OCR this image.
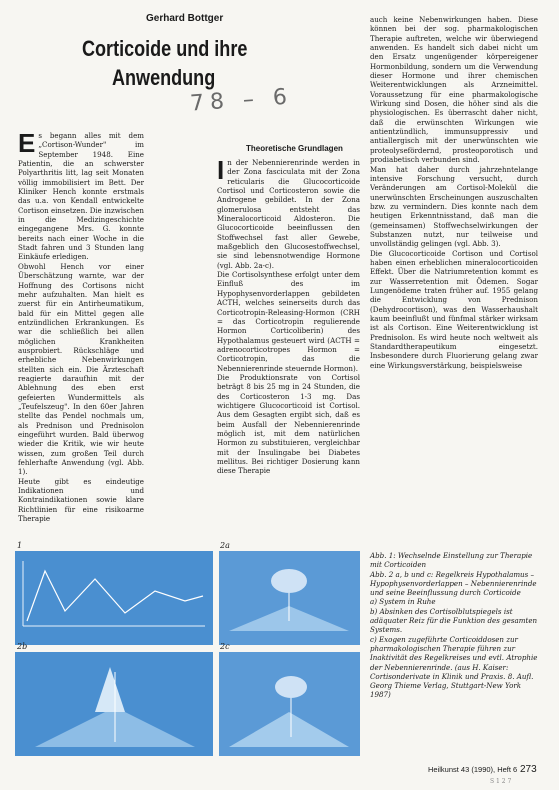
Gerhard Bottger
Corticoide und ihre
Anwendung
78 – 6
E s begann alles mit dem „Cortison-Wunder" im September 1948. Eine Patientin, die an schwerster Polyarthritis litt, lag seit Monaten völlig immobilisiert im Bett. Der Kliniker Hench konnte erstmals das u.a. von Kendall entwickelte Cortison einsetzen. Die inzwischen in die Medizingeschichte eingegangene Mrs. G. konnte bereits nach einer Woche in die Stadt fahren und 3 Stunden lang Einkäufe erledigen.

Obwohl Hench vor einer Überschätzung warnte, war der Hoffnung des Cortisons nicht mehr aufzuhalten. Man hielt es zuerst für ein Antirheumatikum, bald für ein Mittel gegen alle entzündlichen Erkrankungen. Es war die schließlich bei allen möglichen Krankheiten ausprobiert. Rückschläge und erhebliche Nebenwirkungen stellten sich ein. Die Ärzteschaft reagierte daraufhin mit der Ablehnung des eben erst gefeierten Wundermittels als „Teufelszeug". In den 60er Jahren stellte das Pendel nochmals um, als Prednison und Prednisolon eingeführt wurden. Bald überwog wieder die Kritik, wie wir heute wissen, zum großen Teil durch fehlerhafte Anwendung (vgl. Abb. 1).

Heute gibt es eindeutige Indikationen und Kontraindikationen sowie klare Richtlinien für eine risikoarme Therapie

Theoretische Grundlagen
I n der Nebennierenrinde werden in der Zona fasciculata mit der Zona reticularis die Glucocorticoide Cortisol und Corticosteron sowie die Androgene gebildet. In der Zona glomerulosa entsteht das Mineralocorticoid Aldosteron. Die Glucocorticoide beeinflussen den Stoffwechsel fast aller Gewebe, maßgeblich den Glucosestoffwechsel, sie sind lebensnotwendige Hormone (vgl. Abb. 2a-c).

Die Cortisolsynthese erfolgt unter dem Einfluß des im Hypophysenvorderlappen gebildeten ACTH, welches seinerseits durch das Corticotropin-Releasing-Hormon (CRH = das Corticotropin regulierende Hormon Corticoliberin) des Hypothalamus gesteuert wird (ACTH = adrenocorticotropes Hormon = Corticotropin, das die Nebennierenrinde steuernde Hormon).

Die Produktionsrate von Cortisol beträgt 8 bis 25 mg in 24 Stunden, die des Corticosteron 1-3 mg. Das wichtigere Glucocorticoid ist Cortisol. Aus dem Gesagten ergibt sich, daß es beim Ausfall der Nebennierenrinde möglich ist, mit dem natürlichen Hormon zu substituieren, vergleichbar mit der Insulingabe bei Diabetes mellitus. Bei richtiger Dosierung kann diese Therapie

auch keine Nebenwirkungen haben. Diese können bei der sog. pharmakologischen Therapie auftreten, welche wir überwiegend anwenden. Es handelt sich dabei nicht um den Ersatz ungenügender körpereigener Hormonbildung, sondern um die Verwendung dieser Hormone und ihrer chemischen Weiterentwicklungen als Arzneimittel. Voraussetzung für eine pharmakologische Wirkung sind Dosen, die höher sind als die physiologischen. Es überrascht daher nicht, daß die erwünschten Wirkungen wie antientzündlich, immunsuppressiv und antiallergisch mit der unerwünschten wie proteolysefördernd, prosteoporotisch und prodiabetisch verbunden sind.

Man hat daher durch jahrzehntelange intensive Forschung versucht, durch Veränderungen am Cortisol-Molekül die unerwünschten Erscheinungen auszuschalten bzw. zu vermindern. Dies konnte nach dem heutigen Erkenntnisstand, daß man die (gemeinsamen) Stoffwechselwirkungen der Substanzen nutzt, nur teilweise und unvollständig gelingen (vgl. Abb. 3).

Die Glucocorticoide Cortison und Cortisol haben einen erheblichen mineralocorticoiden Effekt. Über die Natriumretention kommt es zur Wasserretention mit Ödemen. Sogar Lungenödeme traten früher auf. 1955 gelang die Entwicklung von Prednison (Dehydrocortison), was den Wasserhaushalt kaum beeinflußt und fünfmal stärker wirksam ist als Cortison. Eine Weiterentwicklung ist Prednisolon. Es wird heute noch weltweit als Standardtherapeutikum eingesetzt. Insbesondere durch Fluorierung gelang zwar eine Wirkungsverstärkung, beispielsweise

1	2a
2b	2c

Abb. 1: Wechselnde Einstellung zur Therapie mit Corticoiden

Abb. 2 a, b und c: Regelkreis Hypothalamus – Hypophysenvorderlappen – Nebennierenrinde und seine Beeinflussung durch Corticoide

a) System in Ruhe

b) Absinken des Cortisolblutspiegels ist adäquater Reiz für die Funktion des gesamten Systems.

c) Exogen zugeführte Corticoiddosen zur pharmakologischen Therapie führen zur Inaktivität des Regelkreises und evtl. Atrophie der Nebennierenrinde. (aus H. Kaiser: Cortisonderivate in Klinik und Praxis. 8. Aufl. Georg Thieme Verlag, Stuttgart-New York 1987)

Heilkunst 43 (1990), Heft 6 273
S 1 2 7
